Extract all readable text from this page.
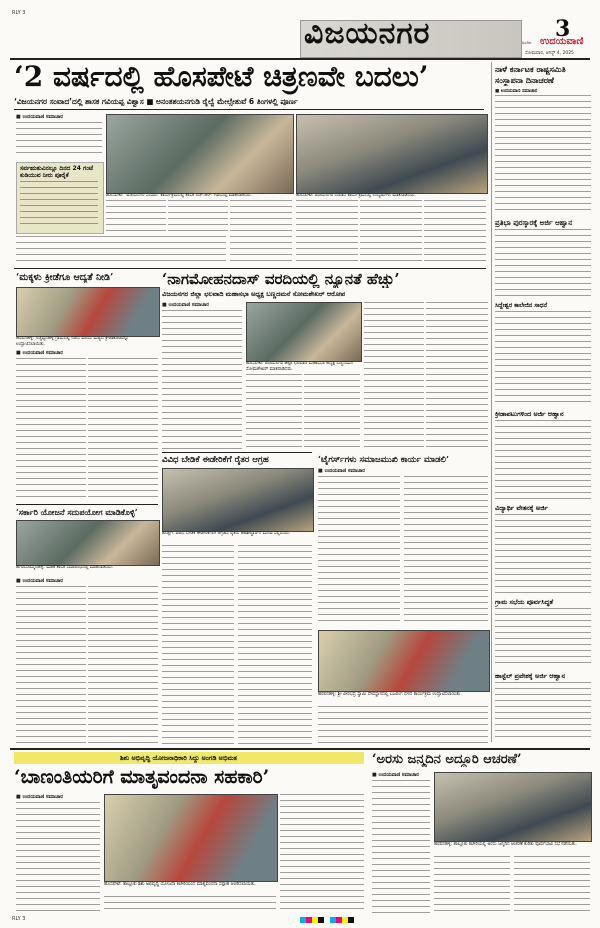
RLY 3
ವಿಜಯನಗರ	3
ಹಿಂದಿನ ಉದಯವಾಣಿ
ಸೋಮವಾರ, ಆಗಸ್ಟ್ 4, 2025
‘2 ವರ್ಷದಲ್ಲಿ ಹೊಸಪೇಟೆ ಚಿತ್ರಣವೇ ಬದಲು’
‘ವಿಜಯನಗರ ಸಂವಾದ’ದಲ್ಲಿ ಶಾಸಕ ಗವಿಯಪ್ಪ ವಿಶ್ವಾಸ ■ ಅನಂತಶಯನಗುಡಿ ರೈಲ್ವೆ ಮೇಲ್ಸೇತುವೆ 6 ತಿಂಗಳಲ್ಲಿ ಪೂರ್ಣ
■ ಉದಯವಾಣಿ ಸಮಾಚಾರ
ಸರ್ವಋತುವಿನಲ್ಲೂ ದಿನದ 24 ಗಂಟೆ ಕುಡಿಯುವ ನೀರು ಪೂರೈಕೆ
ಹೊಸಪೇಟೆ: ‘ವಿಜಯನಗರ ಸಂವಾದ’ ಕಾರ್ಯಕ್ರಮದಲ್ಲಿ ಶಾಸಕ ಎಚ್.ಆರ್. ಗವಿಯಪ್ಪ ಮಾತನಾಡಿದರು.	ಹೊಸಪೇಟೆ: ವಿಜಯನಗರ ಸಂವಾದ ಕಾರ್ಯಕ್ರಮದಲ್ಲಿ ಉದ್ಯಮಿಗಳು ಮಾತನಾಡಿದರು.
‘ಮಕ್ಕಳು ಕ್ರೀಡೆಗೂ ಆದ್ಯತೆ ನೀಡಿ’
ಹರಪನಹಳ್ಳಿ: ನಿಚ್ಚವ್ವನಹಳ್ಳಿ ಗ್ರಾಮದಲ್ಲಿ ನಡೆದ ವಲಯ ಮಟ್ಟದ ಕ್ರೀಡಾಕೂಟವನ್ನು ಉದ್ಘಾಟಿಸಲಾಯಿತು.
■ ಉದಯವಾಣಿ ಸಮಾಚಾರ
‘ನಾಗಮೋಹನದಾಸ್ ವರದಿಯಲ್ಲಿ ನ್ಯೂನತೆ ಹೆಚ್ಚು’
ವಿಜಯನಗರ ಜಿಲ್ಲಾ ಛಲವಾದಿ ಮಹಾಸಭಾ ಅಧ್ಯಕ್ಷ ಬಣ್ಣದಮನೆ ಸೋಮಶೇಖರ್ ಆರೋಪ
■ ಉದಯವಾಣಿ ಸಮಾಚಾರ
ಹೊಸಪೇಟೆ: ವಿಜಯನಗರ ಜಿಲ್ಲಾ ಛಲವಾದಿ ಮಹಾಸಭಾ ಅಧ್ಯಕ್ಷ ಬಣ್ಣದಮನೆ ಸೋಮಶೇಖರ್ ಮಾತನಾಡಿದರು.
ವಿವಿಧ ಬೇಡಿಕೆ ಈಡೇರಿಕೆಗೆ ರೈತರ ಆಗ್ರಹ
ಕೂಡ್ಲಿಗಿ: ವಿವಿಧ ಬೇಡಿಕೆ ಈಡೇರಿಕೆಗಾಗಿ ಆಗ್ರಹಿಸಿ ರೈತರು ತಹಶೀಲ್ದಾರ್‌ಗೆ ಮನವಿ ಸಲ್ಲಿಸಿದರು.
‘ಟೈಗರ್ಸ್‌ಗಳು ಸಮಾಜಮುಖಿ ಕಾರ್ಯ ಮಾಡಲಿ’
■ ಉದಯವಾಣಿ ಸಮಾಚಾರ
ಹರಪನಹಳ್ಳಿ: ಶ್ರೀ ವೀರಭದ್ರ ಸ್ವಾಮಿ ದೇವಸ್ಥಾನದಲ್ಲಿ ಬಜರಂಗ ದಳದ ಕಾರ್ಯಕ್ರಮ ಉದ್ಘಾಟಿಸಲಾಯಿತು.
‘ಸರ್ಕಾರಿ ಯೋಜನೆ ಸದುಪಯೋಗ ಮಾಡಿಕೊಳ್ಳಿ’
ಹಗರಿಬೊಮ್ಮನಹಳ್ಳಿ: ಮಾಜಿ ಶಾಸಕ ಸಮಾರಂಭದಲ್ಲಿ ಮಾತನಾಡಿದರು.
■ ಉದಯವಾಣಿ ಸಮಾಚಾರ
ನಾಳೆ ಕರ್ನಾಟಕ ರಾಷ್ಟ್ರಸಮಿತಿ
ಸಂಸ್ಥಾಪನಾ ದಿನಾಚರಣೆ
■ ಉದಯವಾಣಿ ಸಮಾಚಾರ
ಪ್ರತಿಭಾ ಪುರಸ್ಕಾರಕ್ಕೆ ಅರ್ಜಿ ಆಹ್ವಾನ
ಸಿದ್ದೇಶ್ವರ ಕಾಲೇಜಿನ ಸಾಧನೆ
ಕ್ರೀಡಾಪಟುಗಳಿಂದ ಅರ್ಜಿ ಆಹ್ವಾನ
ವಿದ್ಯಾರ್ಥಿ ವೇತನಕ್ಕೆ ಅರ್ಜಿ
ಗ್ರಾಮ ಸಭೆಯ ಪೂರ್ವಸಿದ್ಧತೆ
ಹಾಸ್ಟೆಲ್ ಪ್ರವೇಶಕ್ಕೆ ಅರ್ಜಿ ಆಹ್ವಾನ
ಶಿಶು ಅಭಿವೃದ್ಧಿ ಯೋಜನಾಧಿಕಾರಿ ಸಿದ್ದು ಅಂಗಡಿ ಅಭಿಮತ
‘ಬಾಣಂತಿಯರಿಗೆ ಮಾತೃವಂದನಾ ಸಹಕಾರಿ’
■ ಉದಯವಾಣಿ ಸಮಾಚಾರ
ಹೊಸಪೇಟೆ: ತಾಲ್ಲೂಕು ಶಿಶು ಅಭಿವೃದ್ಧಿ ಯೋಜನಾ ಕಚೇರಿಯಿಂದ ಮಾತೃವಂದನಾ ಸಪ್ತಾಹ ಆಚರಿಸಲಾಯಿತು.
‘ಅರಸು ಜನ್ಮದಿನ ಅದ್ದೂರಿ ಆಚರಣೆ’
■ ಉದಯವಾಣಿ ಸಮಾಚಾರ
ಹರಪನಹಳ್ಳಿ: ತಾಲ್ಲೂಕು ಕಚೇರಿಯಲ್ಲಿ ಅರಸು ಜನ್ಮದಿನ ಆಚರಣೆ ಕುರಿತು ಪೂರ್ವಭಾವಿ ಸಭೆ ನಡೆಯಿತು.
RLY 3
